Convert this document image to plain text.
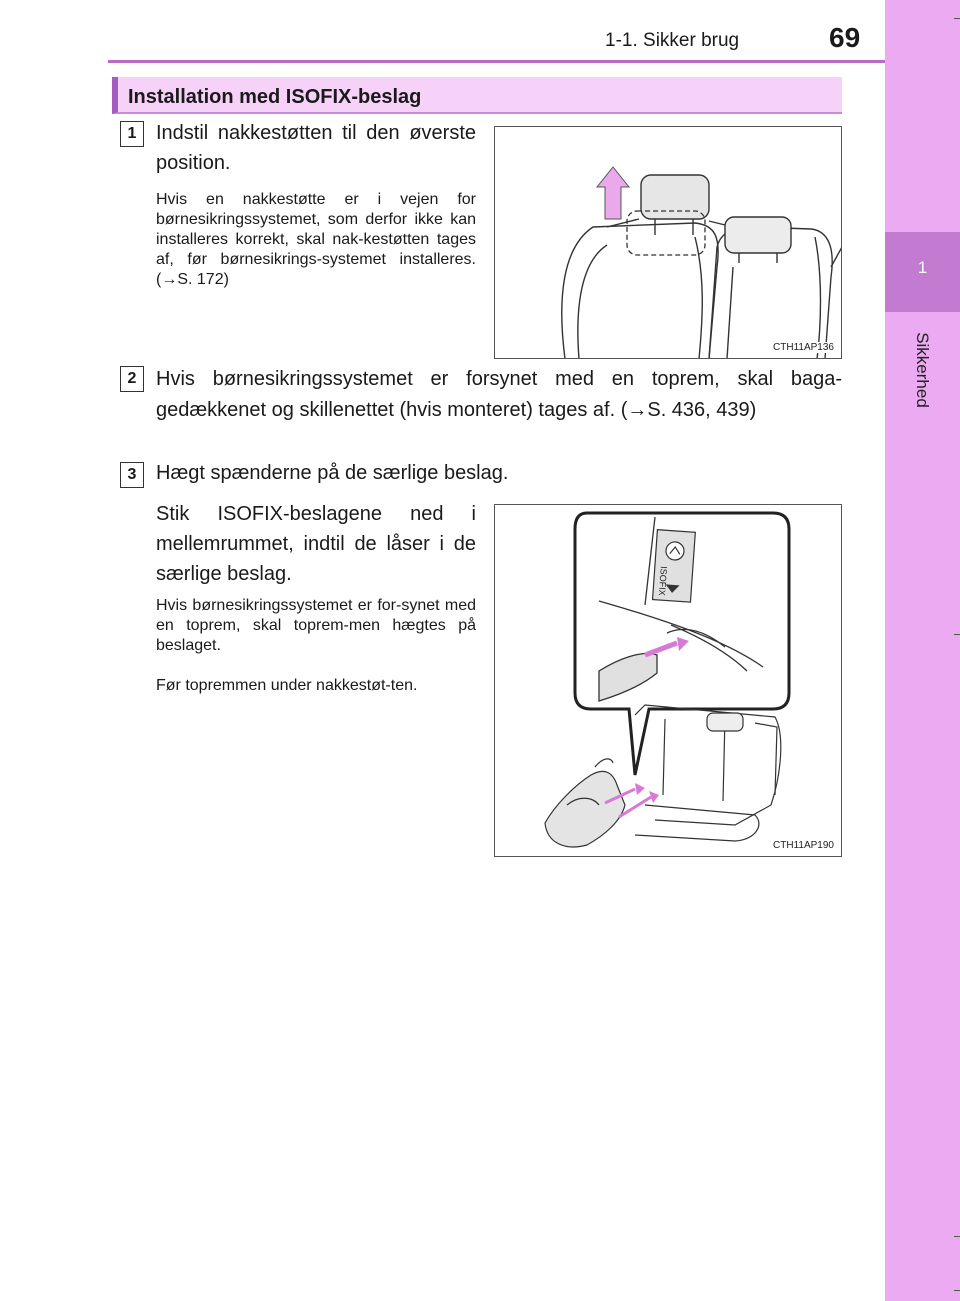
1
Sikkerhed
1-1. Sikker brug	69
Installation med ISOFIX-beslag
1 Indstil nakkestøtten til den øverste position.
Hvis en nakkestøtte er i vejen for børnesikringssystemet, som derfor ikke kan installeres korrekt, skal nak-kestøtten tages af, før børnesikrings-systemet installeres. (→S. 172)
CTH11AP136
2 Hvis børnesikringssystemet er forsynet med en toprem, skal baga-gedækkenet og skillenettet (hvis monteret) tages af. (→S. 436, 439)
3 Hægt spænderne på de særlige beslag.
Stik ISOFIX-beslagene ned i mellemrummet, indtil de låser i de særlige beslag.
Hvis børnesikringssystemet er for-synet med en toprem, skal toprem-men hægtes på beslaget.
Før topremmen under nakkestøt-ten.
ISOFIX
CTH11AP190
